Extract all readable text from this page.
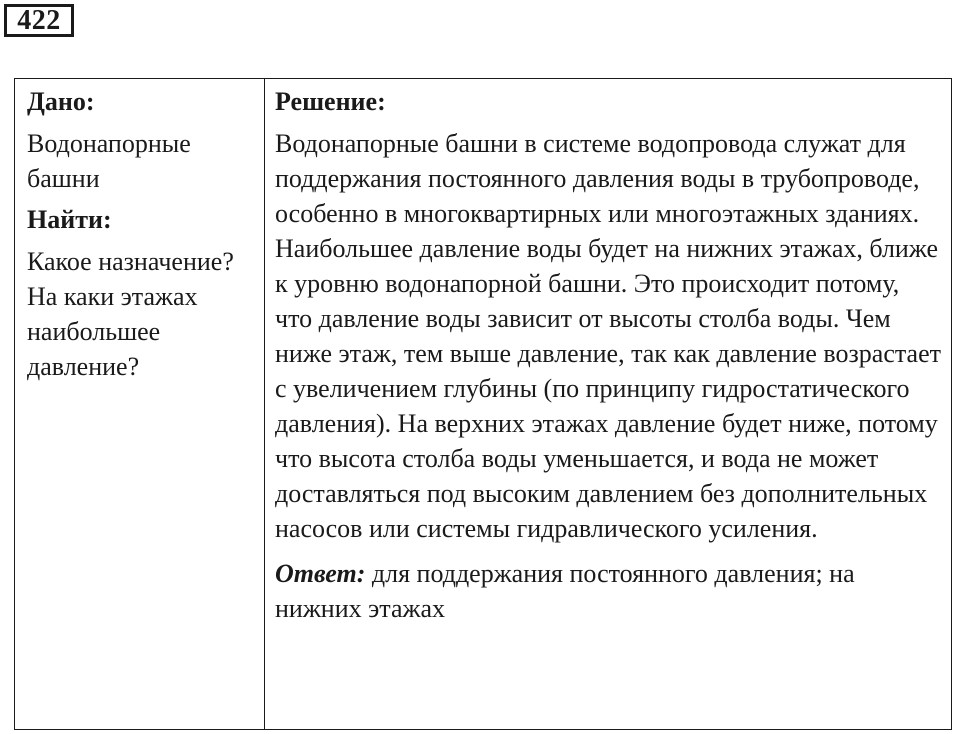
422
Дано:
Водонапорные башни
Найти:
Какое назначение? На каки этажах наибольшее давление?
Решение:
Водонапорные башни в системе водопровода служат для поддержания постоянного давления воды в трубопроводе, особенно в многоквартирных или многоэтажных зданиях. Наибольшее давление воды будет на нижних этажах, ближе к уровню водонапорной башни. Это происходит потому, что давление воды зависит от высоты столба воды. Чем ниже этаж, тем выше давление, так как давление возрастает с увеличением глубины (по принципу гидростатического давления). На верхних этажах давление будет ниже, потому что высота столба воды уменьшается, и вода не может доставляться под высоким давлением без дополнительных насосов или системы гидравлического усиления.
Ответ: для поддержания постоянного давления; на нижних этажах
